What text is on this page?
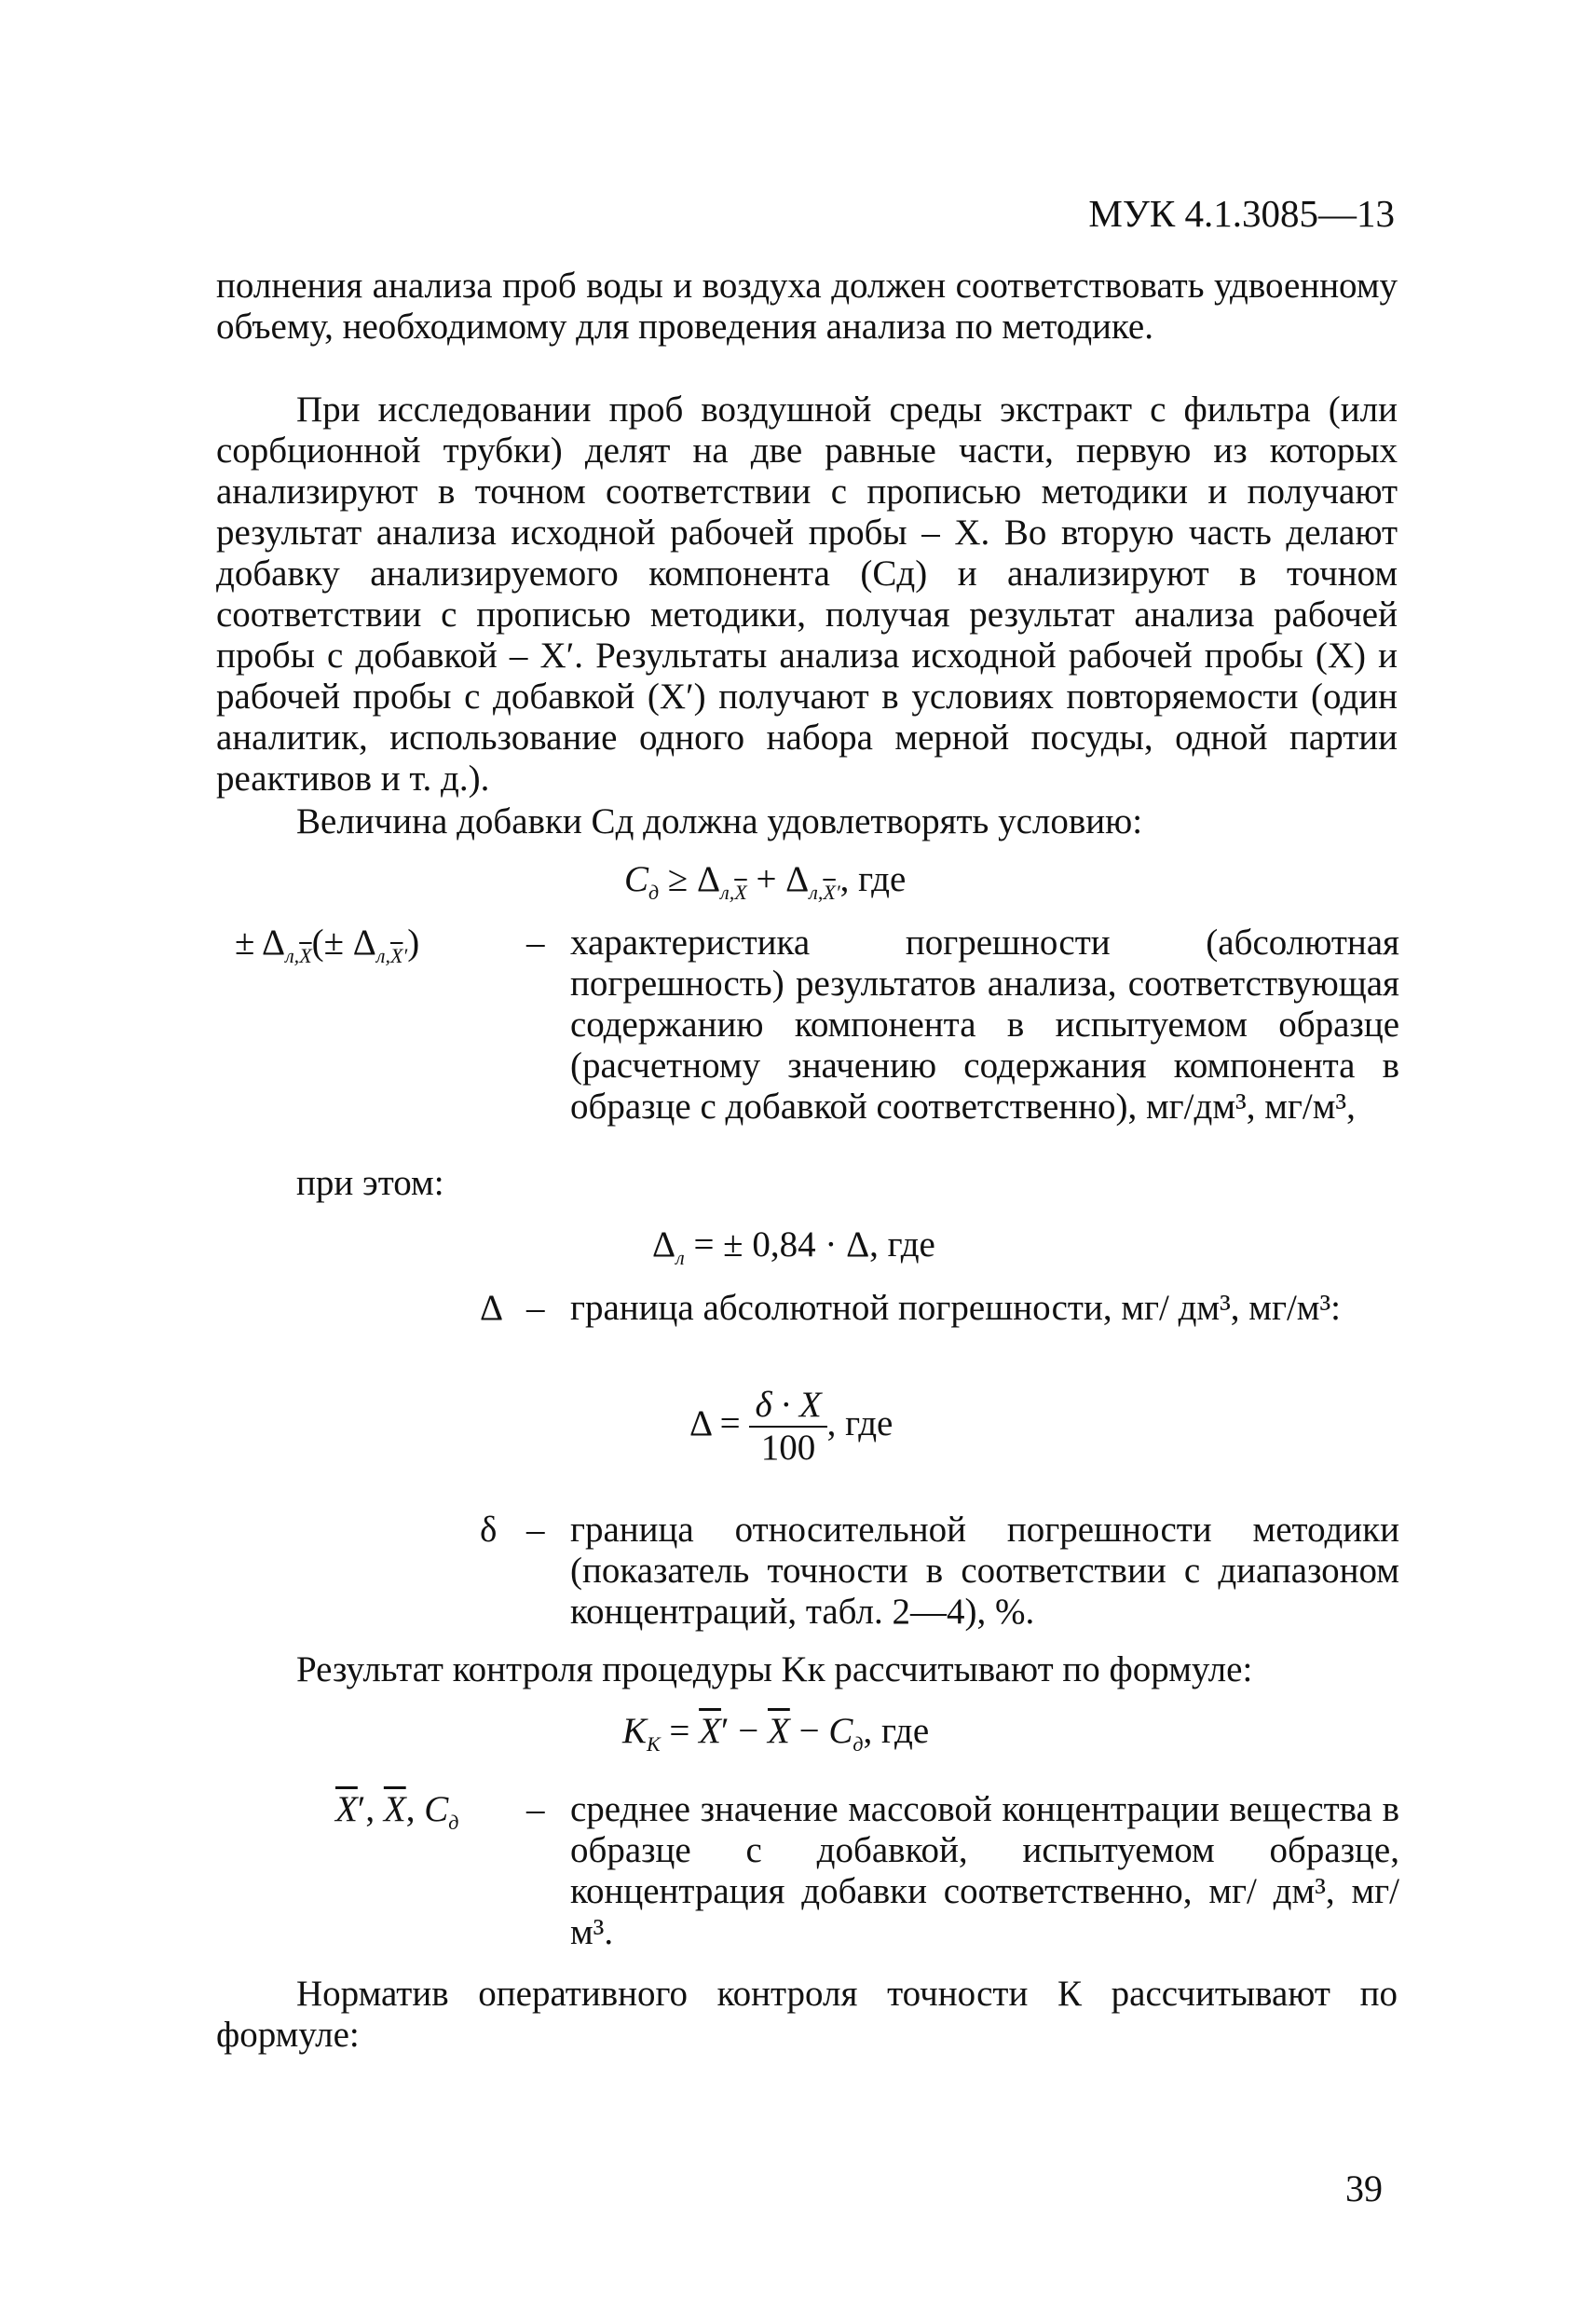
МУК 4.1.3085—13

полнения анализа проб воды и воздуха должен соответствовать удвоенному объему, необходимому для проведения анализа по методике.

При исследовании проб воздушной среды экстракт с фильтра (или сорбционной трубки) делят на две равные части, первую из которых анализируют в точном соответствии с прописью методики и получают результат анализа исходной рабочей пробы – X. Во вторую часть делают добавку анализируемого компонента (Cд) и анализируют в точном соответствии с прописью методики, получая результат анализа рабочей пробы с добавкой – X′. Результаты анализа исходной рабочей пробы (X) и рабочей пробы с добавкой (X′) получают в условиях повторяемости (один аналитик, использование одного набора мерной посуды, одной партии реактивов и т. д.).

Величина добавки Cд должна удовлетворять условию:

$C_д \ge \Delta_{л,\overline{X}} + \Delta_{л,\overline{X}'}$, где
± $\Delta_{л,\overline{X}}(\pm \Delta_{л,\overline{X}'})$	– характеристика погрешности (абсолютная погрешность) результатов анализа, соответствующая содержанию компонента в испытуемом образце (расчетному значению содержания компонента в образце с добавкой соответственно), мг/дм³, мг/м³,

при этом:
$\Delta_л$ = ± 0,84 · Δ, где
Δ – граница абсолютной погрешности, мг/ дм³, мг/м³:

$\Delta = \frac{\delta \cdot X}{100}$ , где
δ – граница относительной погрешности методики (показатель точности в соответствии с диапазоном концентраций, табл. 2—4), %.

Результат контроля процедуры Kк рассчитывают по формуле:

$K_К = \overline{X}' - \overline{X} - C_д$, где
$\overline{X}'$, $\overline{X}$, $C_д$ – среднее значение массовой концентрации вещества в образце с добавкой, испытуемом образце, концентрация добавки соответственно, мг/ дм³, мг/м³.

Норматив оперативного контроля точности К рассчитывают по формуле:

39
